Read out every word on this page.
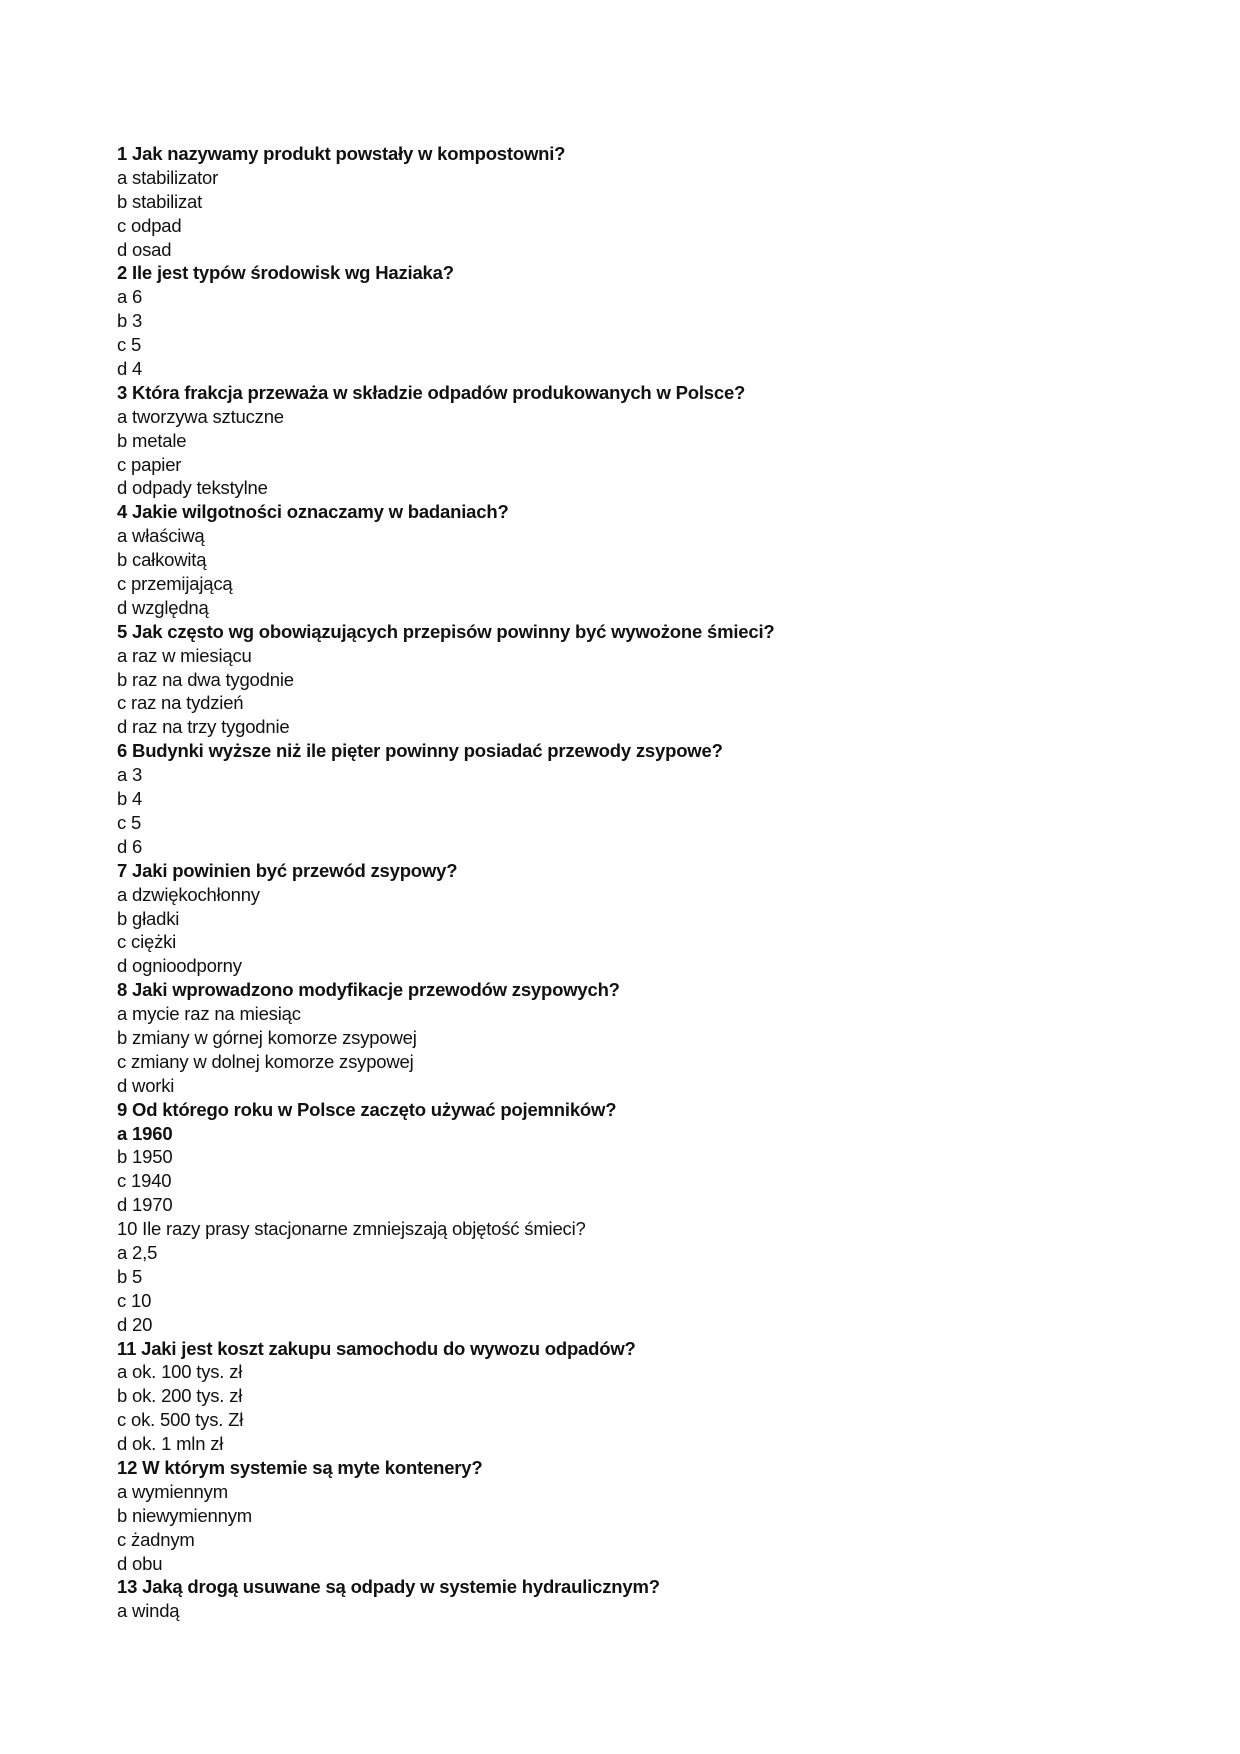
1 Jak nazywamy produkt powstały w kompostowni?
a stabilizator
b stabilizat
c odpad
d osad
2 Ile jest typów środowisk wg Haziaka?
a 6
b 3
c 5
d 4
3 Która frakcja przeważa w składzie odpadów produkowanych w Polsce?
a tworzywa sztuczne
b metale
c papier
d odpady tekstylne
4 Jakie wilgotności oznaczamy w badaniach?
a właściwą
b całkowitą
c przemijającą
d względną
5 Jak często wg obowiązujących przepisów powinny być wywożone śmieci?
a raz w miesiącu
b raz na dwa tygodnie
c raz na tydzień
d raz na trzy tygodnie
6 Budynki wyższe niż ile pięter powinny posiadać przewody zsypowe?
a 3
b 4
c 5
d 6
7 Jaki powinien być przewód zsypowy?
a dzwiękochłonny
b gładki
c ciężki
d ognioodporny
8 Jaki wprowadzono modyfikacje przewodów zsypowych?
a mycie raz na miesiąc
b zmiany w górnej komorze zsypowej
c zmiany w dolnej komorze zsypowej
d worki
9 Od którego roku w Polsce zaczęto używać pojemników?
a 1960
b 1950
c 1940
d 1970
10 Ile razy prasy stacjonarne zmniejszają objętość śmieci?
a 2,5
b 5
c 10
d 20
11 Jaki jest koszt zakupu samochodu do wywozu odpadów?
a ok. 100 tys. zł
b ok. 200 tys. zł
c ok. 500 tys. Zł
d ok. 1 mln zł
12 W którym systemie są myte kontenery?
a wymiennym
b niewymiennym
c żadnym
d obu
13 Jaką drogą usuwane są odpady w systemie hydraulicznym?
a windą
